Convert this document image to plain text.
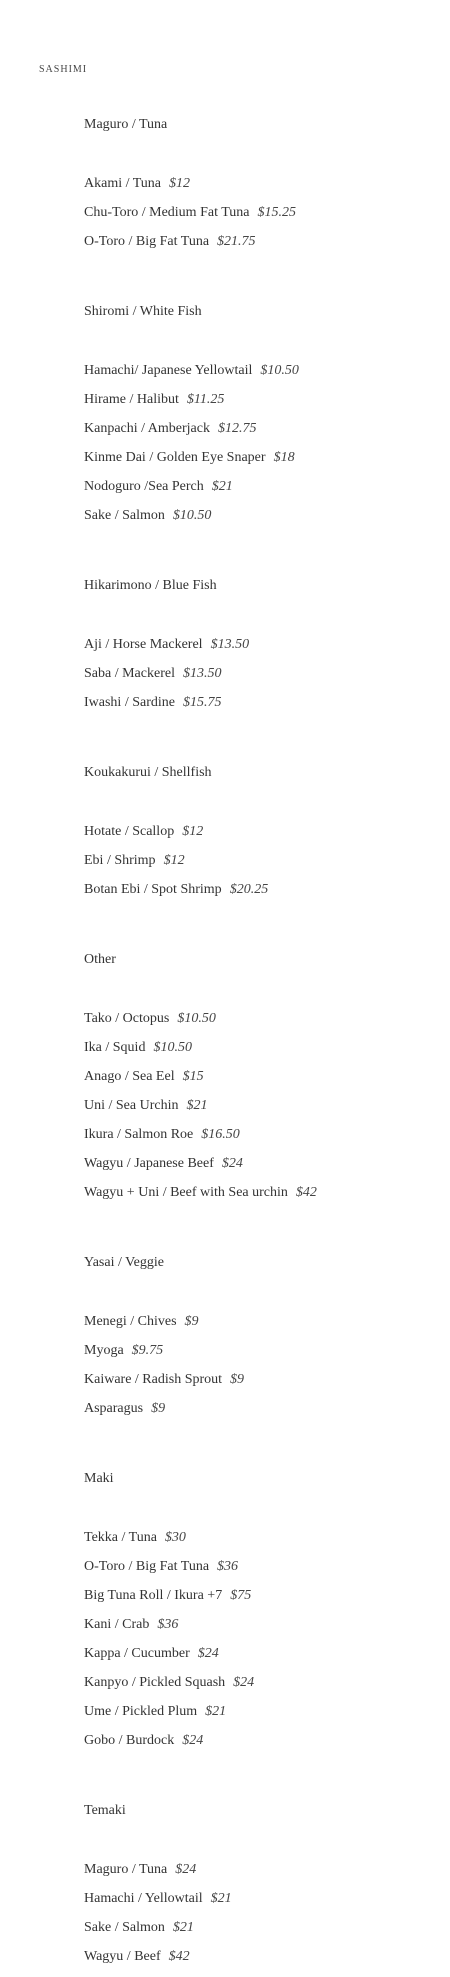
SASHIMI
Maguro / Tuna
Akami / Tuna $12
Chu-Toro / Medium Fat Tuna $15.25
O-Toro / Big Fat Tuna $21.75
Shiromi / White Fish
Hamachi/ Japanese Yellowtail $10.50
Hirame / Halibut $11.25
Kanpachi / Amberjack $12.75
Kinme Dai / Golden Eye Snaper $18
Nodoguro /Sea Perch $21
Sake / Salmon $10.50
Hikarimono / Blue Fish
Aji / Horse Mackerel $13.50
Saba / Mackerel $13.50
Iwashi / Sardine $15.75
Koukakurui / Shellfish
Hotate / Scallop $12
Ebi / Shrimp $12
Botan Ebi / Spot Shrimp $20.25
Other
Tako / Octopus $10.50
Ika / Squid $10.50
Anago / Sea Eel $15
Uni / Sea Urchin $21
Ikura / Salmon Roe $16.50
Wagyu / Japanese Beef $24
Wagyu + Uni / Beef with Sea urchin $42
Yasai / Veggie
Menegi / Chives $9
Myoga $9.75
Kaiware / Radish Sprout $9
Asparagus $9
Maki
Tekka / Tuna $30
O-Toro / Big Fat Tuna $36
Big Tuna Roll / Ikura +7 $75
Kani / Crab $36
Kappa / Cucumber $24
Kanpyo / Pickled Squash $24
Ume / Pickled Plum $21
Gobo / Burdock $24
Temaki
Maguro / Tuna $24
Hamachi / Yellowtail $21
Sake / Salmon $21
Wagyu / Beef $42
